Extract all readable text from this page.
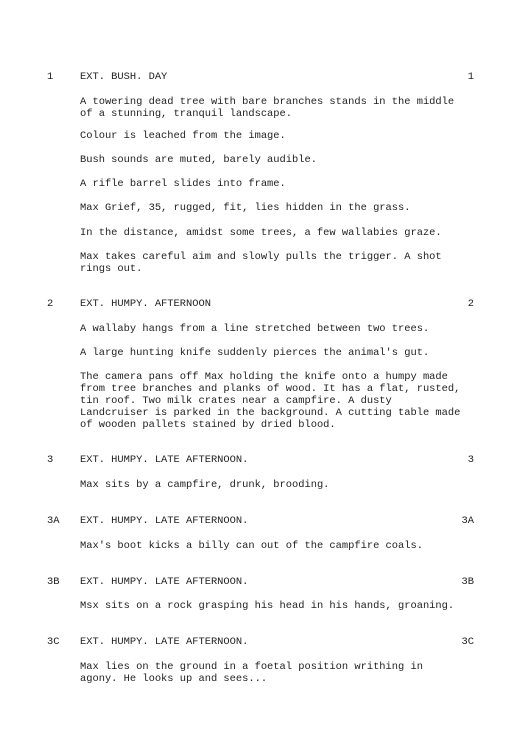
1	EXT. BUSH. DAY	1

A towering dead tree with bare branches stands in the middle
of a stunning, tranquil landscape.

Colour is leached from the image.

Bush sounds are muted, barely audible.

A rifle barrel slides into frame.

Max Grief, 35, rugged, fit, lies hidden in the grass.

In the distance, amidst some trees, a few wallabies graze.

Max takes careful aim and slowly pulls the trigger. A shot
rings out.

2	EXT. HUMPY. AFTERNOON	2

A wallaby hangs from a line stretched between two trees.

A large hunting knife suddenly pierces the animal's gut.

The camera pans off Max holding the knife onto a humpy made
from tree branches and planks of wood. It has a flat, rusted,
tin roof. Two milk crates near a campfire. A dusty
Landcruiser is parked in the background. A cutting table made
of wooden pallets stained by dried blood.

3	EXT. HUMPY. LATE AFTERNOON.	3

Max sits by a campfire, drunk, brooding.

3A EXT. HUMPY. LATE AFTERNOON.	3A

Max's boot kicks a billy can out of the campfire coals.

3B EXT. HUMPY. LATE AFTERNOON.	3B

Msx sits on a rock grasping his head in his hands, groaning.

3C EXT. HUMPY. LATE AFTERNOON.	3C

Max lies on the ground in a foetal position writhing in
agony. He looks up and sees...
